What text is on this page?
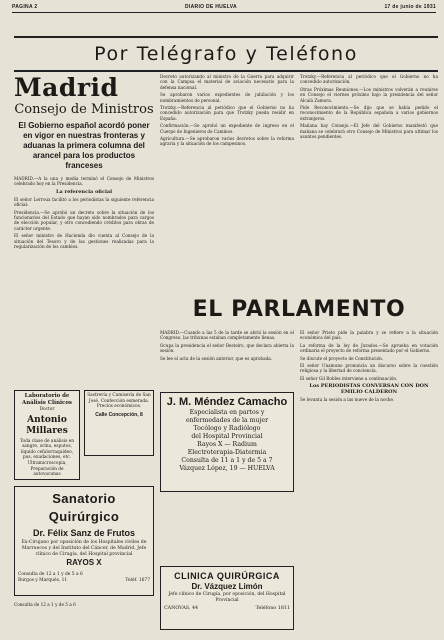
PAGINA 2	DIARIO DE HUELVA	17 de junio de 1931
Por Telégrafo y Teléfono
Madrid
Consejo de Ministros
El Gobierno español acordó poner en vigor en nuestras fronteras y aduanas la primera columna del arancel para los productos franceses

MADRID.—A la una y media terminó el Consejo de Ministros celebrado hoy en la Presidencia.

La referencia oficial

El señor Lerroux facilitó a los periodistas la siguiente referencia oficial:

Presidencia.—Se aprobó un decreto sobre la situación de los funcionarios del Estado que hayan sido nombrados para cargos de elección popular, y otro concediendo créditos para obras de carácter urgente.

El señor ministro de Hacienda dio cuenta al Consejo de la situación del Tesoro y de las gestiones realizadas para la regularización de los cambios.

Decreto autorizando al ministro de la Guerra para adquirir con la Campsa el material de aviación necesario para la defensa nacional.

Se aprobaron varios expedientes de jubilación y los nombramientos de personal.

Trotzky.—Referencia al periódico que el Gobierno no ha concedido autorización para que Trotzky pueda residir en España.

Confirmación.—Se aprobó un expediente de ingreso en el Cuerpo de Ingenieros de Caminos.

Agricultura.—Se aprobaron varios decretos sobre la reforma agraria y la situación de los campesinos.

Trotzky.—Referencia al periódico que el Gobierno no ha concedido autorización.

Otras Próximas Reuniones.—Los ministros volverán a reunirse en Consejo el viernes próximo bajo la presidencia del señor Alcalá Zamora.

Pide Reconocimiento.—Se dijo que se había pedido el reconocimiento de la República española a varios gobiernos extranjeros.

Mañana hay Consejo.—El Jefe del Gobierno manifestó que mañana se celebrará otro Consejo de Ministros para ultimar los asuntos pendientes.

EL PARLAMENTO

MADRID.—Cuando a las 5 de la tarde se abrió la sesión en el Congreso, las tribunas estaban completamente llenas.

Ocupa la presidencia el señor Besteiro, que declara abierta la sesión.

Se lee el acta de la sesión anterior, que es aprobada.

El señor Prieto pide la palabra y se refiere a la situación económica del país.

La reforma de la ley de Jurados.—Se aprueba en votación ordinaria el proyecto de reforma presentado por el Gobierno.

Se discute el proyecto de Constitución.

El señor Unamuno pronuncia un discurso sobre la cuestión religiosa y la libertad de conciencia.

El señor Gil Robles interviene a continuación.

Los PERIODISTAS CONVERSAN CON DON EMILIO CALDERON

Se levanta la sesión a las nueve de la noche.

Laboratorio de Análisis Clínicos
Doctor
Antonio Millares
Toda clase de análisis en sangre, orina, esputos, líquido cefalorraquídeo, pus, exudaciones, etc. Ultramicroscopia, Preparación de autovacunas
Sastrería y Camisería de San José. Confección esmerada. Precios económicos.
Calle Concepción, 8
J. M. Méndez Camacho
Especialista en partos y
enfermedades de la mujer
Tocólogo y Radiólogo
del Hospital Provincial
Rayos X — Radium
Electroterapia-Diatermia
Consulta de 11 a 1 y de 5 a 7
Vázquez López, 19 — HUELVA
Sanatorio Quirúrgico
Dr. Félix Sanz de Frutos
Ex-Cirujano por oposición de los Hospitales civiles de Marruecos y del Instituto del Cáncer, de Madrid, Jefe clínico de Cirugía, del Hospital provincial
RAYOS X
Consulta de 12 a 1 y de 5 a 6
Burgos y Marqués, 11	Teléf. 1677	CLINICA QUIRÚRGICA
Dr. Vázquez Limón
Jefe clínico de Cirugía, por oposición, del Hospital Provincial
CANOVAS, 44	Teléfono 1811

Consulta de 12 a 1 y de 5 a 6
